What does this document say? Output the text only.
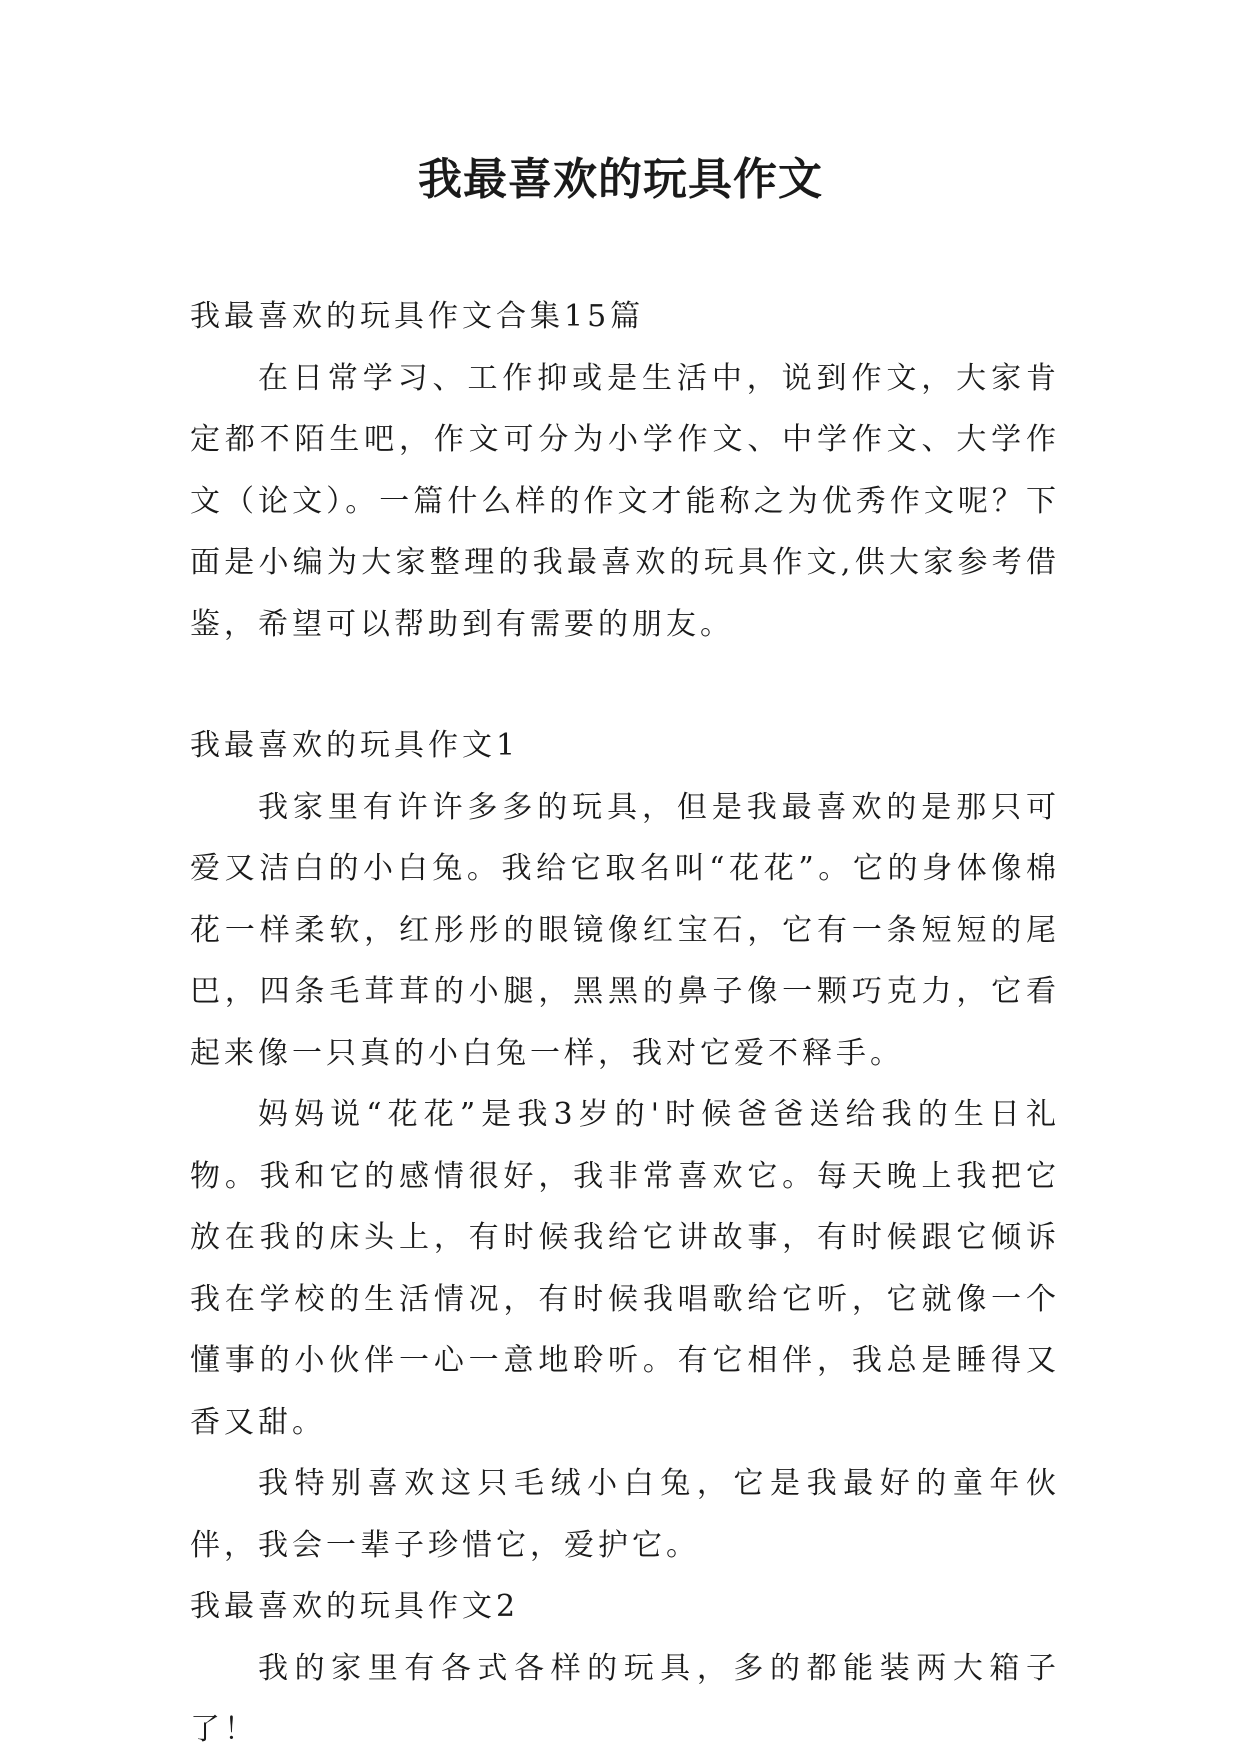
我最喜欢的玩具作文

我最喜欢的玩具作文合集15篇

在日常学习、工作抑或是生活中，说到作文，大家肯定都不陌生吧，作文可分为小学作文、中学作文、大学作文（论文）。一篇什么样的作文才能称之为优秀作文呢？下面是小编为大家整理的我最喜欢的玩具作文,供大家参考借鉴，希望可以帮助到有需要的朋友。

我最喜欢的玩具作文1

我家里有许许多多的玩具，但是我最喜欢的是那只可爱又洁白的小白兔。我给它取名叫“花花”。它的身体像棉花一样柔软，红彤彤的眼镜像红宝石，它有一条短短的尾巴，四条毛茸茸的小腿，黑黑的鼻子像一颗巧克力，它看起来像一只真的小白兔一样，我对它爱不释手。

妈妈说“花花”是我3岁的'时候爸爸送给我的生日礼物。我和它的感情很好，我非常喜欢它。每天晚上我把它放在我的床头上，有时候我给它讲故事，有时候跟它倾诉我在学校的生活情况，有时候我唱歌给它听，它就像一个懂事的小伙伴一心一意地聆听。有它相伴，我总是睡得又香又甜。

我特别喜欢这只毛绒小白兔，它是我最好的童年伙伴，我会一辈子珍惜它，爱护它。

我最喜欢的玩具作文2

我的家里有各式各样的玩具，多的都能装两大箱子了！
